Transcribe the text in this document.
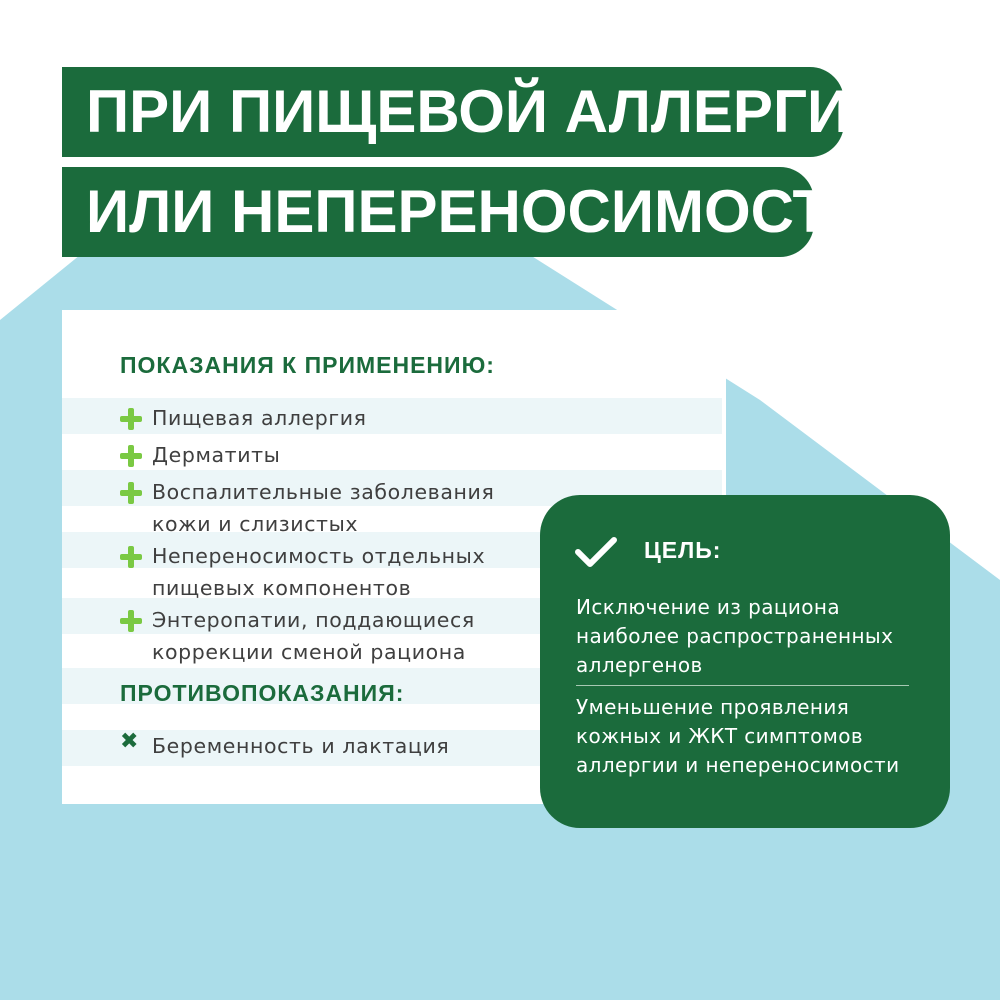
ПРИ ПИЩЕВОЙ АЛЛЕРГИИ
ИЛИ НЕПЕРЕНОСИМОСТИ
ПОКАЗАНИЯ К ПРИМЕНЕНИЮ:
Пищевая аллергия
Дерматиты
Воспалительные заболевания кожи и слизистых
Непереносимость отдельных пищевых компонентов
Энтеропатии, поддающиеся коррекции сменой рациона
ПРОТИВОПОКАЗАНИЯ:
✖ Беременность и лактация
ЦЕЛЬ:
Исключение из рациона наиболее распространенных аллергенов
Уменьшение проявления кожных и ЖКТ симптомов аллергии и непереносимости
